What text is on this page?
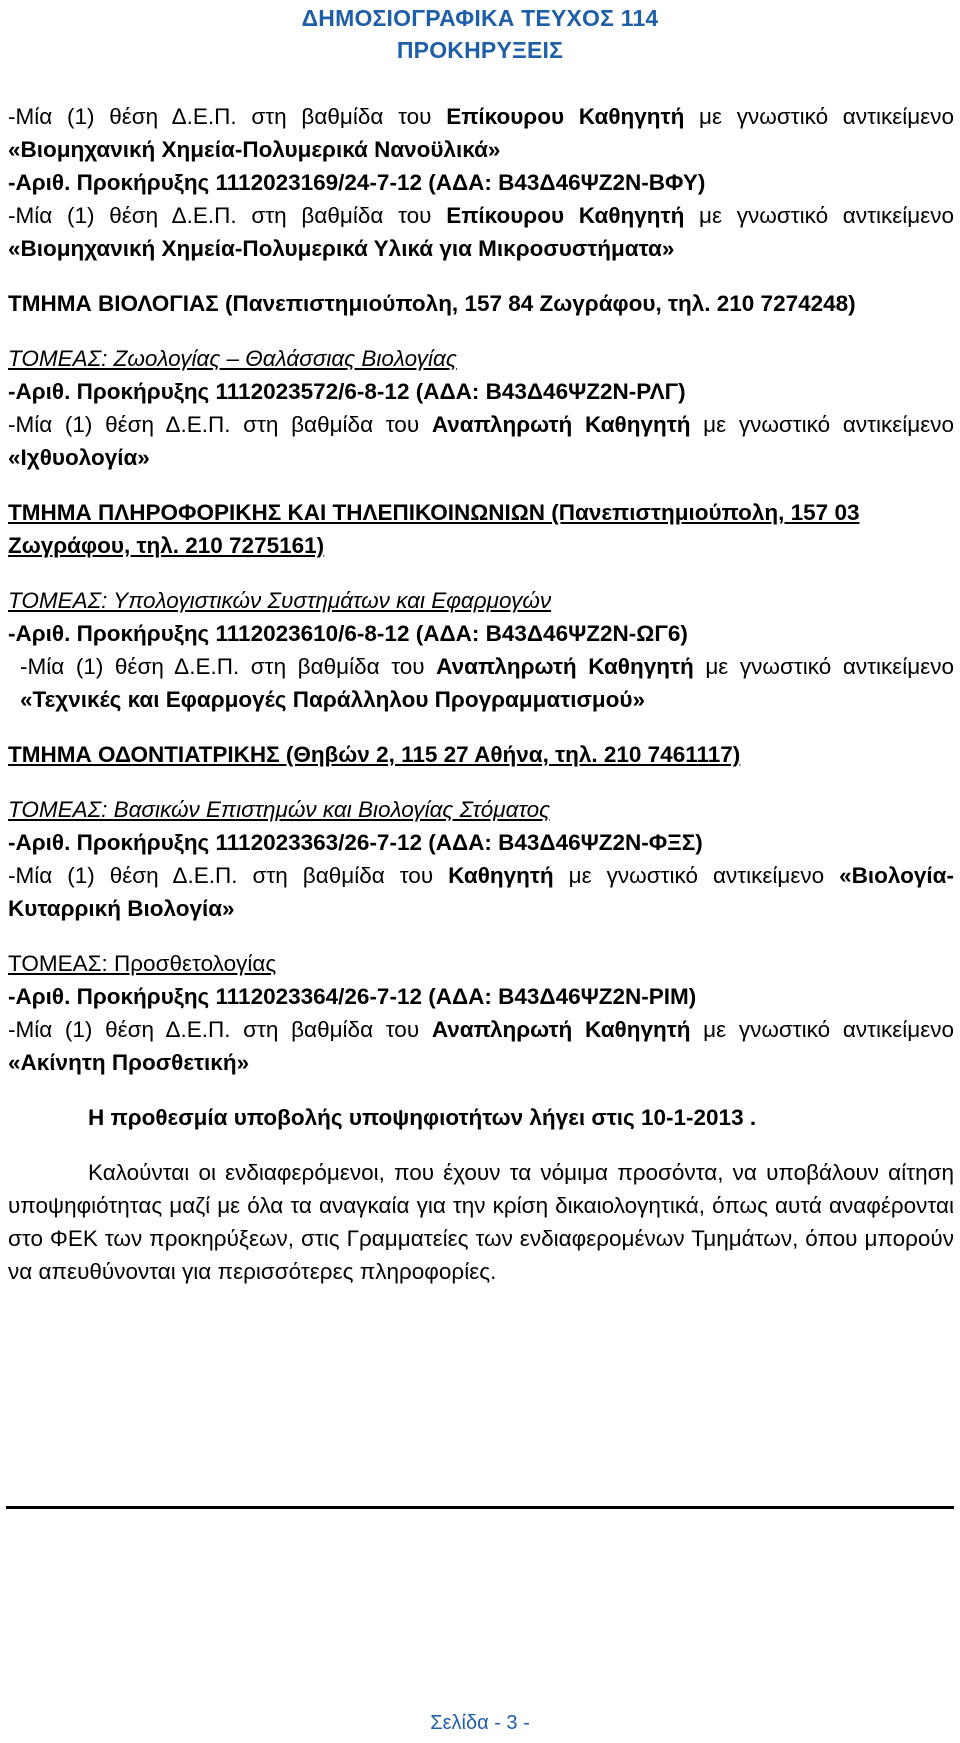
ΔΗΜΟΣΙΟΓΡΑΦΙΚΑ ΤΕΥΧΟΣ 114
ΠΡΟΚΗΡΥΞΕΙΣ

-Μία (1) θέση Δ.Ε.Π. στη βαθμίδα του Επίκουρου Καθηγητή με γνωστικό αντικείμενο «Βιομηχανική Χημεία-Πολυμερικά Νανοϋλικά»

-Αριθ. Προκήρυξης 1112023169/24-7-12 (ΑΔΑ: Β43Δ46ΨΖ2Ν-ΒΦΥ)

-Μία (1) θέση Δ.Ε.Π. στη βαθμίδα του Επίκουρου Καθηγητή με γνωστικό αντικείμενο «Βιομηχανική Χημεία-Πολυμερικά Υλικά για Μικροσυστήματα»

ΤΜΗΜΑ ΒΙΟΛΟΓΙΑΣ (Πανεπιστημιούπολη, 157 84 Ζωγράφου, τηλ. 210 7274248)

ΤΟΜΕΑΣ: Ζωολογίας – Θαλάσσιας Βιολογίας

-Αριθ. Προκήρυξης 1112023572/6-8-12 (ΑΔΑ: Β43Δ46ΨΖ2Ν-ΡΛΓ)

-Μία (1) θέση Δ.Ε.Π. στη βαθμίδα του Αναπληρωτή Καθηγητή με γνωστικό αντικείμενο «Ιχθυολογία»

ΤΜΗΜΑ ΠΛΗΡΟΦΟΡΙΚΗΣ ΚΑΙ ΤΗΛΕΠΙΚΟΙΝΩΝΙΩΝ (Πανεπιστημιούπολη, 157 03 Ζωγράφου, τηλ. 210 7275161)

ΤΟΜΕΑΣ: Υπολογιστικών Συστημάτων και Εφαρμογών

-Αριθ. Προκήρυξης 1112023610/6-8-12 (ΑΔΑ: Β43Δ46ΨΖ2Ν-ΩΓ6)

-Μία (1) θέση Δ.Ε.Π. στη βαθμίδα του Αναπληρωτή Καθηγητή με γνωστικό αντικείμενο «Τεχνικές και Εφαρμογές Παράλληλου Προγραμματισμού»

ΤΜΗΜΑ ΟΔΟΝΤΙΑΤΡΙΚΗΣ (Θηβών 2, 115 27 Αθήνα, τηλ. 210 7461117)

ΤΟΜΕΑΣ: Βασικών Επιστημών και Βιολογίας Στόματος

-Αριθ. Προκήρυξης 1112023363/26-7-12 (ΑΔΑ: Β43Δ46ΨΖ2Ν-ΦΞΣ)

-Μία (1) θέση Δ.Ε.Π. στη βαθμίδα του Καθηγητή με γνωστικό αντικείμενο «Βιολογία-Κυταρρική Βιολογία»

ΤΟΜΕΑΣ: Προσθετολογίας

-Αριθ. Προκήρυξης 1112023364/26-7-12 (ΑΔΑ: Β43Δ46ΨΖ2Ν-ΡΙΜ)

-Μία (1) θέση Δ.Ε.Π. στη βαθμίδα του Αναπληρωτή Καθηγητή με γνωστικό αντικείμενο «Ακίνητη Προσθετική»

Η προθεσμία υποβολής υποψηφιοτήτων λήγει στις 10-1-2013 .

Καλούνται οι ενδιαφερόμενοι, που έχουν τα νόμιμα προσόντα, να υποβάλουν αίτηση υποψηφιότητας μαζί με όλα τα αναγκαία για την κρίση δικαιολογητικά, όπως αυτά αναφέρονται στο ΦΕΚ των προκηρύξεων, στις Γραμματείες των ενδιαφερομένων Τμημάτων, όπου μπορούν να απευθύνονται για περισσότερες πληροφορίες.

Σελίδα - 3 -
